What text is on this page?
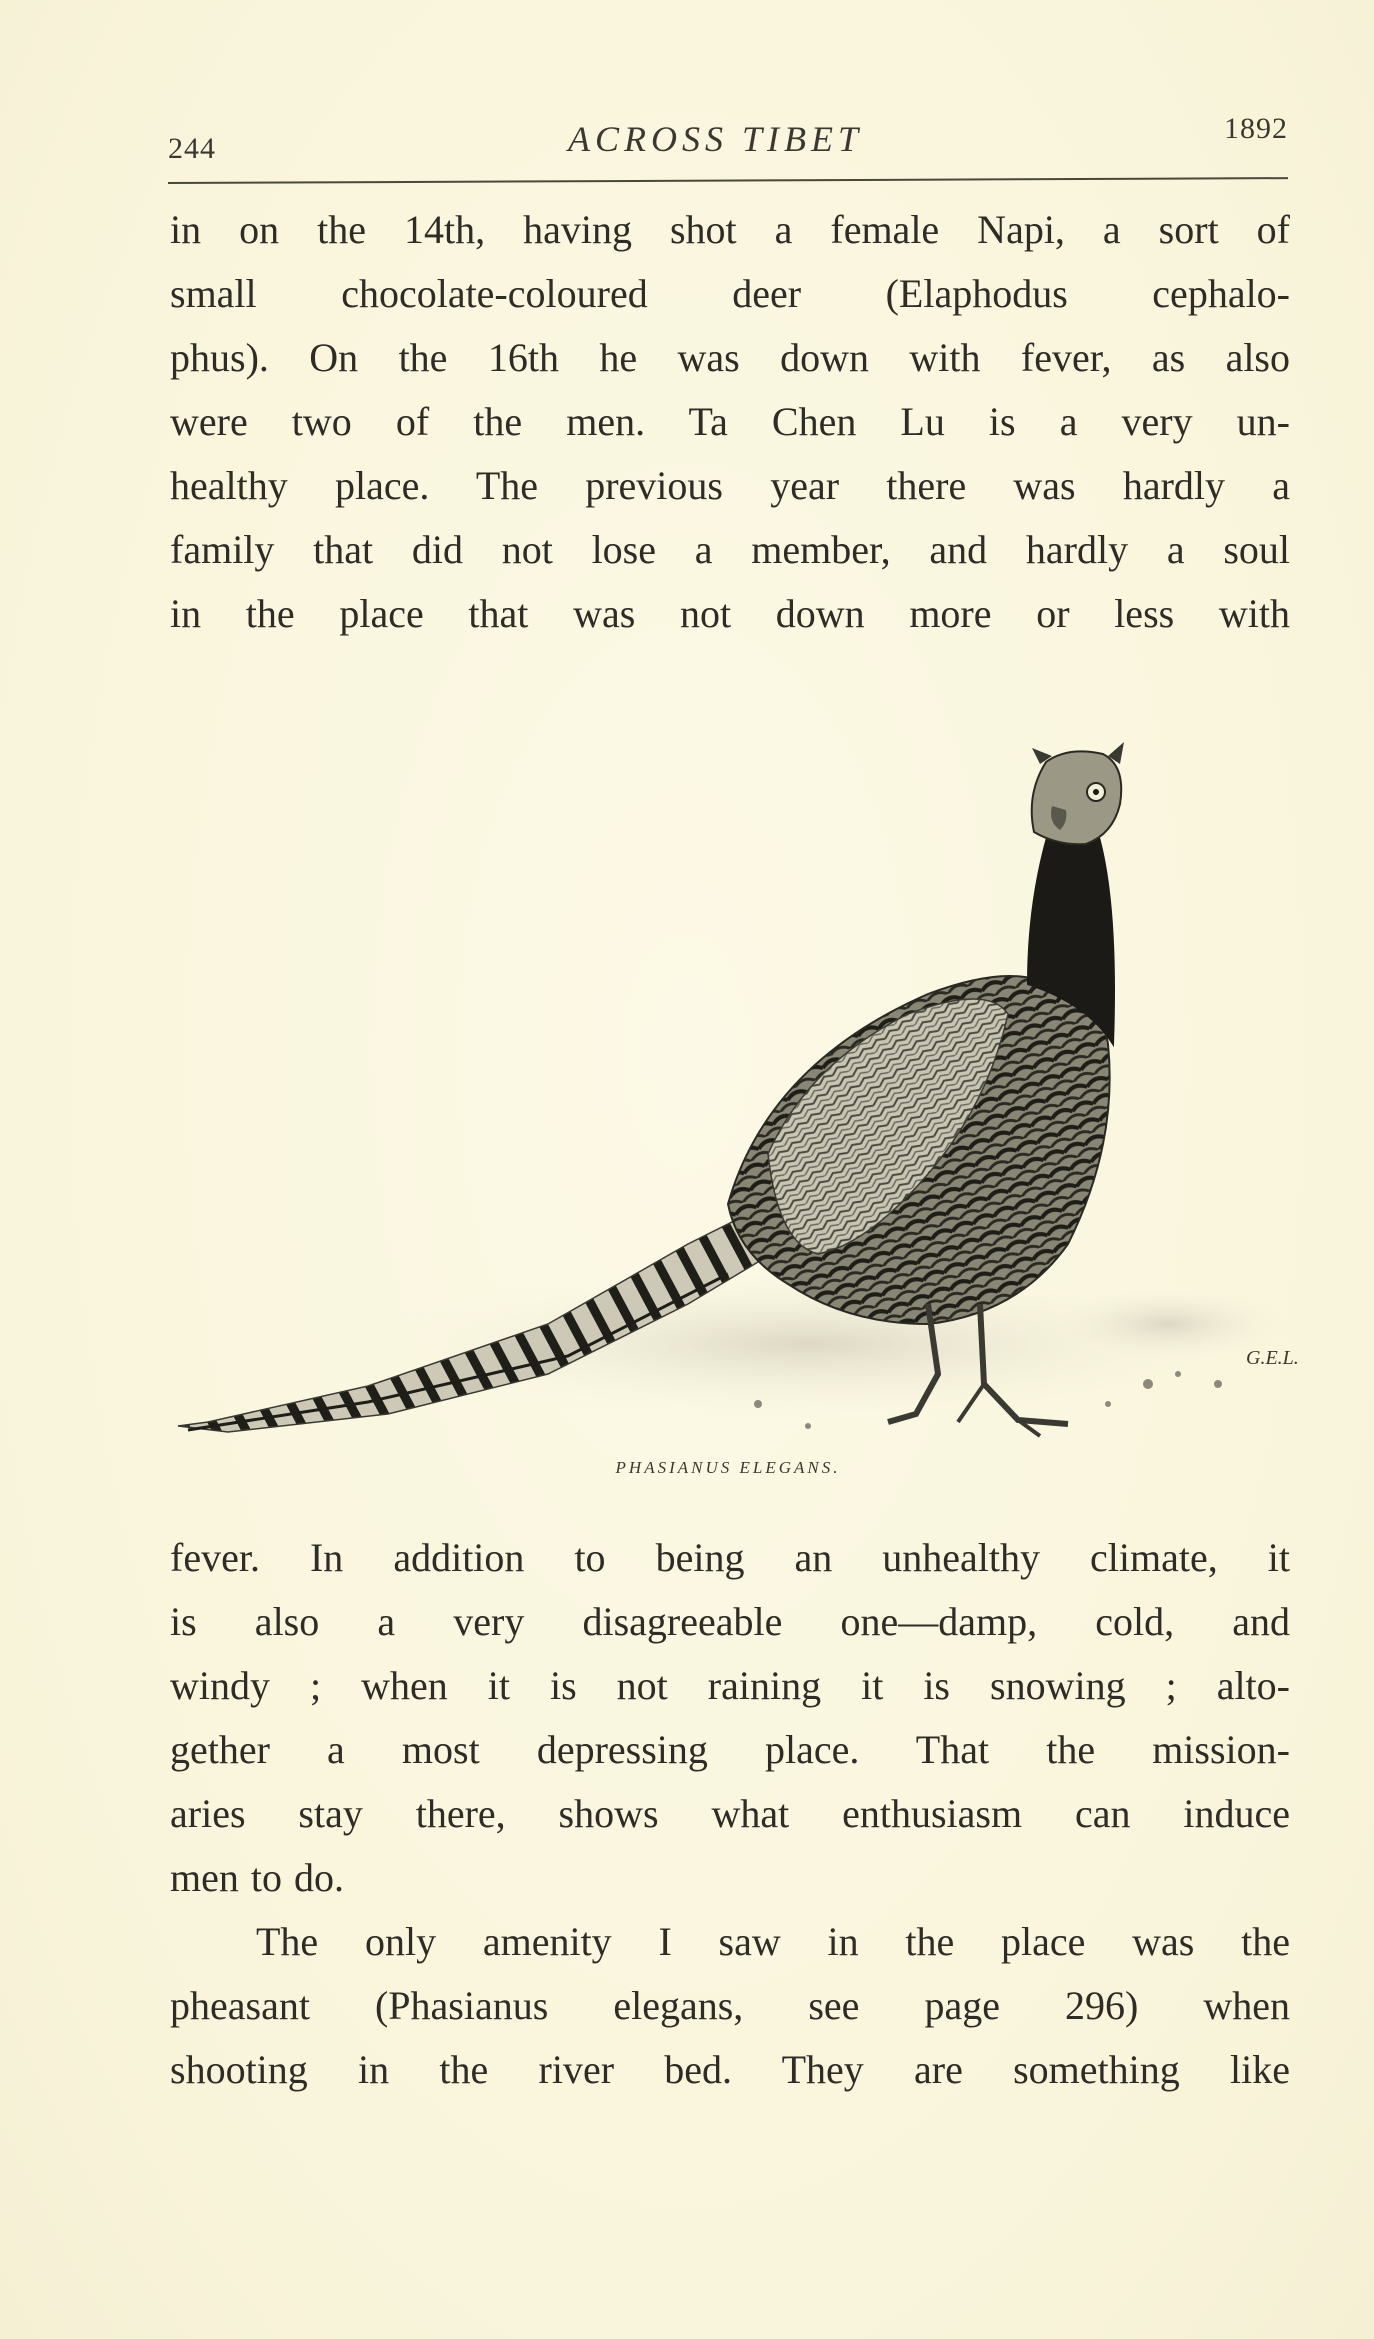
244	ACROSS TIBET	1892
in on the 14th, having shot a female Napi, a sort of
small chocolate-coloured deer (Elaphodus cephalo-
phus). On the 16th he was down with fever, as also
were two of the men. Ta Chen Lu is a very un-
healthy place. The previous year there was hardly a
family that did not lose a member, and hardly a soul
in the place that was not down more or less with
G.E.L.
PHASIANUS ELEGANS.
fever. In addition to being an unhealthy climate, it
is also a very disagreeable one—damp, cold, and
windy ; when it is not raining it is snowing ; alto-
gether a most depressing place. That the mission-
aries stay there, shows what enthusiasm can induce
men to do.
The only amenity I saw in the place was the
pheasant (Phasianus elegans, see page 296) when
shooting in the river bed. They are something like
